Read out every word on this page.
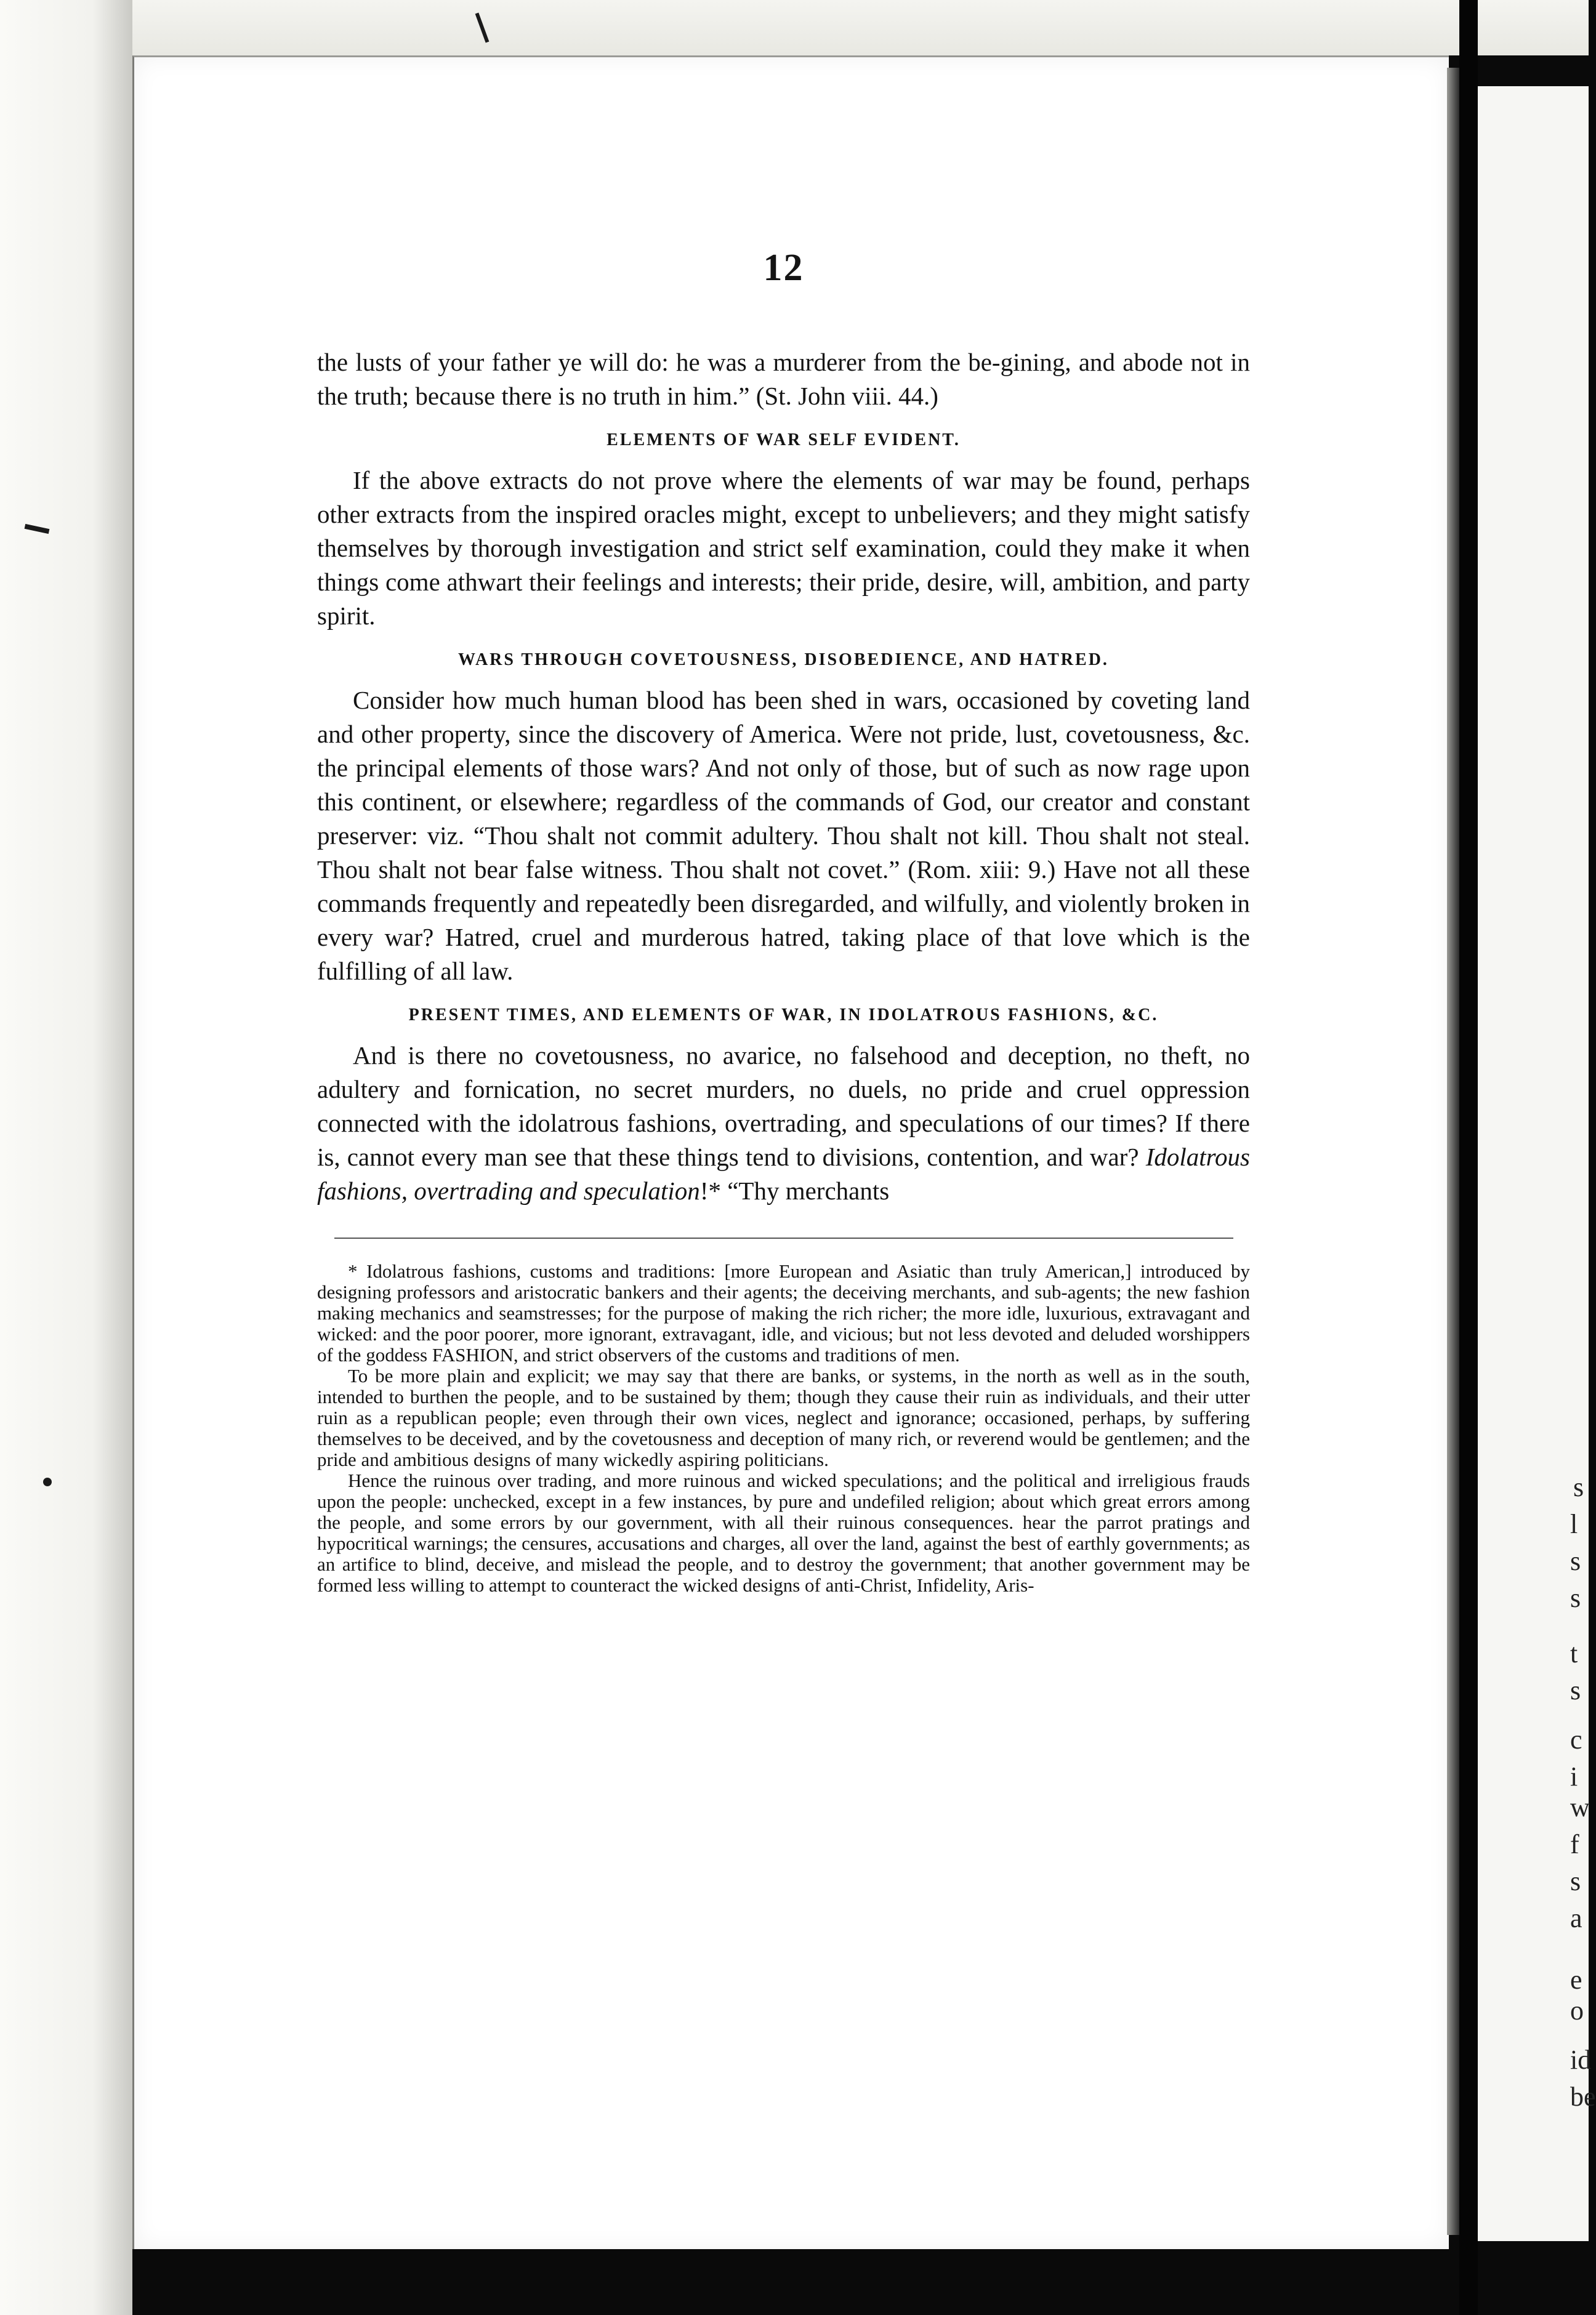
s
l
s
s
t
s
c
i
w
f
s
a
e
o
id
be
12

the lusts of your father ye will do: he was a murderer from the be-gining, and abode not in the truth; because there is no truth in him.” (St. John viii. 44.)

ELEMENTS OF WAR SELF EVIDENT.

If the above extracts do not prove where the elements of war may be found, perhaps other extracts from the inspired oracles might, except to unbelievers; and they might satisfy themselves by thorough investigation and strict self examination, could they make it when things come athwart their feelings and interests; their pride, desire, will, ambition, and party spirit.

WARS THROUGH COVETOUSNESS, DISOBEDIENCE, AND HATRED.

Consider how much human blood has been shed in wars, occasioned by coveting land and other property, since the discovery of America. Were not pride, lust, covetousness, &c. the principal elements of those wars? And not only of those, but of such as now rage upon this continent, or elsewhere; regardless of the commands of God, our creator and constant preserver: viz. “Thou shalt not commit adultery. Thou shalt not kill. Thou shalt not steal. Thou shalt not bear false witness. Thou shalt not covet.” (Rom. xiii: 9.) Have not all these commands frequently and repeatedly been disregarded, and wilfully, and violently broken in every war? Hatred, cruel and murderous hatred, taking place of that love which is the fulfilling of all law.

PRESENT TIMES, AND ELEMENTS OF WAR, IN IDOLATROUS FASHIONS, &C.

And is there no covetousness, no avarice, no falsehood and deception, no theft, no adultery and fornication, no secret murders, no duels, no pride and cruel oppression connected with the idolatrous fashions, overtrading, and speculations of our times? If there is, cannot every man see that these things tend to divisions, contention, and war? Idolatrous fashions, overtrading and speculation!* “Thy merchants

* Idolatrous fashions, customs and traditions: [more European and Asiatic than truly American,] introduced by designing professors and aristocratic bankers and their agents; the deceiving merchants, and sub-agents; the new fashion making mechanics and seamstresses; for the purpose of making the rich richer; the more idle, luxurious, extravagant and wicked: and the poor poorer, more ignorant, extravagant, idle, and vicious; but not less devoted and deluded worshippers of the goddess FASHION, and strict observers of the customs and traditions of men.

To be more plain and explicit; we may say that there are banks, or systems, in the north as well as in the south, intended to burthen the people, and to be sustained by them; though they cause their ruin as individuals, and their utter ruin as a republican people; even through their own vices, neglect and ignorance; occasioned, perhaps, by suffering themselves to be deceived, and by the covetousness and deception of many rich, or reverend would be gentlemen; and the pride and ambitious designs of many wickedly aspiring politicians.

Hence the ruinous over trading, and more ruinous and wicked speculations; and the political and irreligious frauds upon the people: unchecked, except in a few instances, by pure and undefiled religion; about which great errors among the people, and some errors by our government, with all their ruinous consequences. hear the parrot pratings and hypocritical warnings; the censures, accusations and charges, all over the land, against the best of earthly governments; as an artifice to blind, deceive, and mislead the people, and to destroy the government; that another government may be formed less willing to attempt to counteract the wicked designs of anti-Christ, Infidelity, Aris-
